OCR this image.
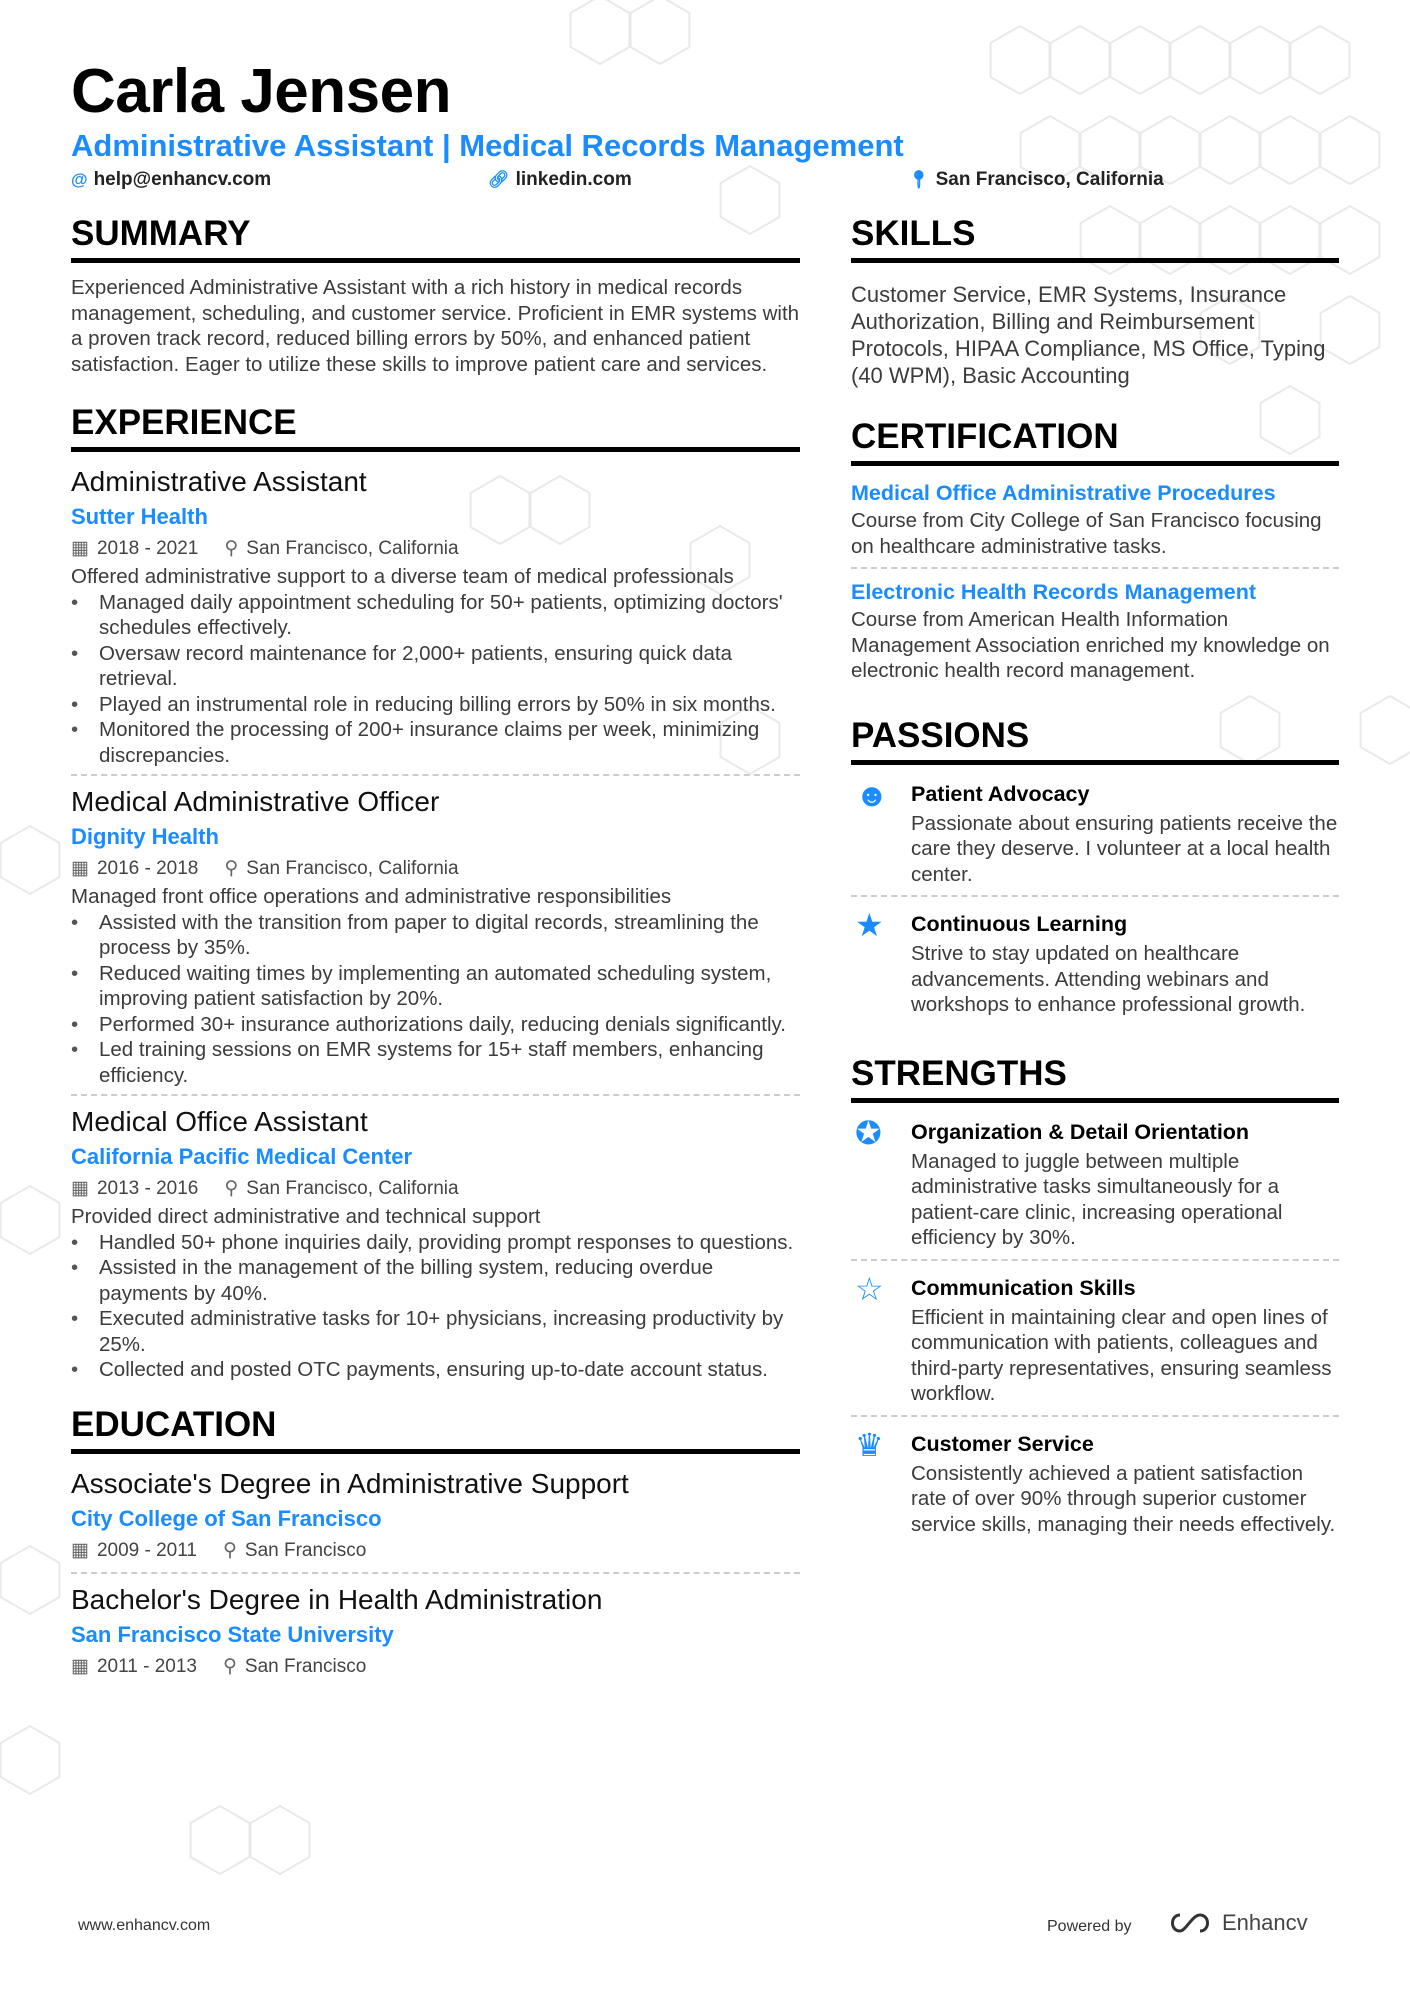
Carla Jensen
Administrative Assistant | Medical Records Management
@ help@enhancv.com	🔗︎ linkedin.com	📍︎ San Francisco, California
SUMMARY

Experienced Administrative Assistant with a rich history in medical records management, scheduling, and customer service. Proficient in EMR systems with a proven track record, reduced billing errors by 50%, and enhanced patient satisfaction. Eager to utilize these skills to improve patient care and services.

EXPERIENCE
Administrative Assistant
Sutter Health
▦ 2018 - 2021 ⚲ San Francisco, California
Offered administrative support to a diverse team of medical professionals
• Managed daily appointment scheduling for 50+ patients, optimizing doctors' schedules effectively.
• Oversaw record maintenance for 2,000+ patients, ensuring quick data retrieval.
• Played an instrumental role in reducing billing errors by 50% in six months.
• Monitored the processing of 200+ insurance claims per week, minimizing discrepancies.
Medical Administrative Officer
Dignity Health
▦ 2016 - 2018 ⚲ San Francisco, California
Managed front office operations and administrative responsibilities
• Assisted with the transition from paper to digital records, streamlining the process by 35%.
• Reduced waiting times by implementing an automated scheduling system, improving patient satisfaction by 20%.
• Performed 30+ insurance authorizations daily, reducing denials significantly.
• Led training sessions on EMR systems for 15+ staff members, enhancing efficiency.
Medical Office Assistant
California Pacific Medical Center
▦ 2013 - 2016 ⚲ San Francisco, California
Provided direct administrative and technical support
• Handled 50+ phone inquiries daily, providing prompt responses to questions.
• Assisted in the management of the billing system, reducing overdue payments by 40%.
• Executed administrative tasks for 10+ physicians, increasing productivity by 25%.
• Collected and posted OTC payments, ensuring up-to-date account status.
EDUCATION
Associate's Degree in Administrative Support
City College of San Francisco
▦ 2009 - 2011 ⚲ San Francisco
Bachelor's Degree in Health Administration
San Francisco State University
▦ 2011 - 2013 ⚲ San Francisco
SKILLS

Customer Service, EMR Systems, Insurance Authorization, Billing and Reimbursement Protocols, HIPAA Compliance, MS Office, Typing (40 WPM), Basic Accounting

CERTIFICATION
Medical Office Administrative Procedures
Course from City College of San Francisco focusing on healthcare administrative tasks.
Electronic Health Records Management
Course from American Health Information Management Association enriched my knowledge on electronic health record management.
PASSIONS
☻	Patient Advocacy
Passionate about ensuring patients receive the care they deserve. I volunteer at a local health center.
★	Continuous Learning
Strive to stay updated on healthcare advancements. Attending webinars and workshops to enhance professional growth.
STRENGTHS
✪	Organization & Detail Orientation
Managed to juggle between multiple administrative tasks simultaneously for a patient-care clinic, increasing operational efficiency by 30%.
☆	Communication Skills
Efficient in maintaining clear and open lines of communication with patients, colleagues and third-party representatives, ensuring seamless workflow.
♛	Customer Service
Consistently achieved a patient satisfaction rate of over 90% through superior customer service skills, managing their needs effectively.
www.enhancv.com	Powered by	Enhancv
